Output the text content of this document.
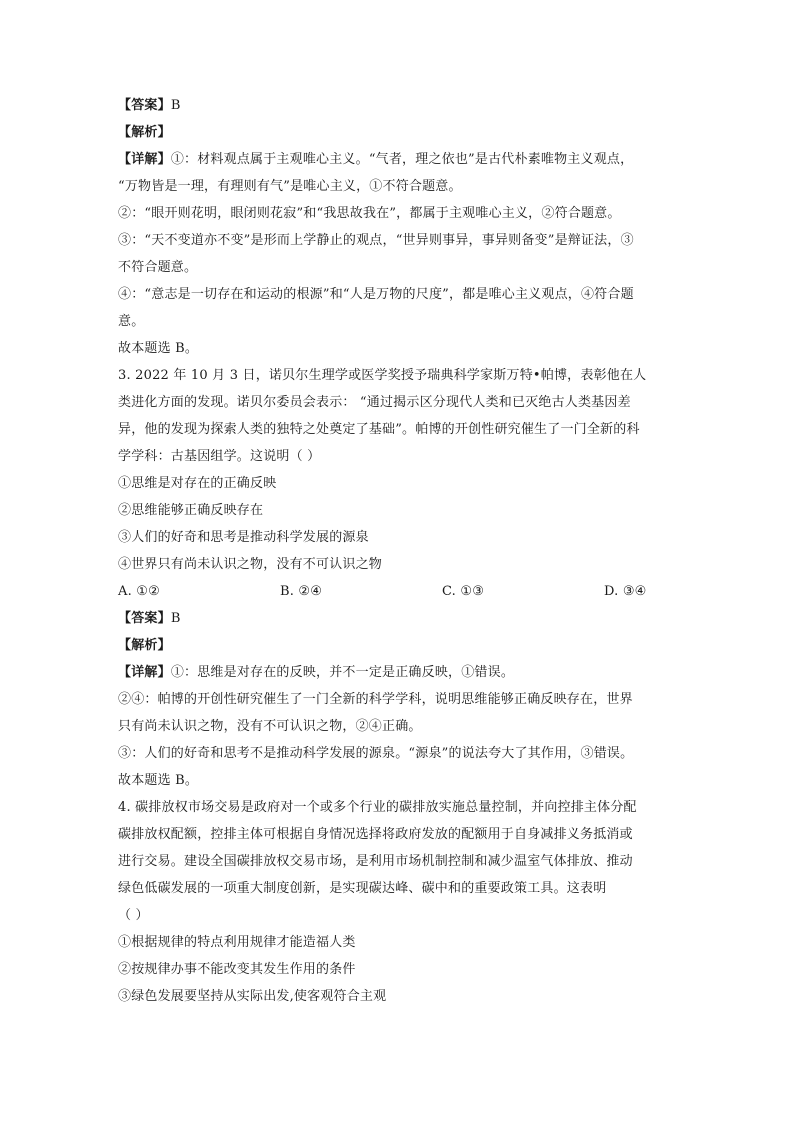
【答案】B
【解析】
【详解】①：材料观点属于主观唯心主义。“气者，理之依也”是古代朴素唯物主义观点，
“万物皆是一理，有理则有气”是唯心主义，①不符合题意。
②：“眼开则花明，眼闭则花寂”和“我思故我在”，都属于主观唯心主义，②符合题意。
③：“天不变道亦不变”是形而上学静止的观点，“世异则事异，事异则备变”是辩证法，③
不符合题意。
④：“意志是一切存在和运动的根源”和“人是万物的尺度”，都是唯心主义观点，④符合题
意。
故本题选 B。
3. 2022 年 10 月 3 日，诺贝尔生理学或医学奖授予瑞典科学家斯万特•帕博，表彰他在人
类进化方面的发现。诺贝尔委员会表示： “通过揭示区分现代人类和已灭绝古人类基因差
异，他的发现为探索人类的独特之处奠定了基础”。帕博的开创性研究催生了一门全新的科
学学科：古基因组学。这说明（ ）
①思维是对存在的正确反映
②思维能够正确反映存在
③人们的好奇和思考是推动科学发展的源泉
④世界只有尚未认识之物，没有不可认识之物
A. ①②	B. ②④	C. ①③	D. ③④
【答案】B
【解析】
【详解】①：思维是对存在的反映，并不一定是正确反映，①错误。
②④：帕博的开创性研究催生了一门全新的科学学科，说明思维能够正确反映存在，世界
只有尚未认识之物，没有不可认识之物，②④正确。
③：人们的好奇和思考不是推动科学发展的源泉。“源泉”的说法夸大了其作用，③错误。
故本题选 B。
4. 碳排放权市场交易是政府对一个或多个行业的碳排放实施总量控制，并向控排主体分配
碳排放权配额，控排主体可根据自身情况选择将政府发放的配额用于自身减排义务抵消或
进行交易。建设全国碳排放权交易市场，是利用市场机制控制和减少温室气体排放、推动
绿色低碳发展的一项重大制度创新，是实现碳达峰、碳中和的重要政策工具。这表明
（ ）
①根据规律的特点利用规律才能造福人类
②按规律办事不能改变其发生作用的条件
③绿色发展要坚持从实际出发,使客观符合主观
